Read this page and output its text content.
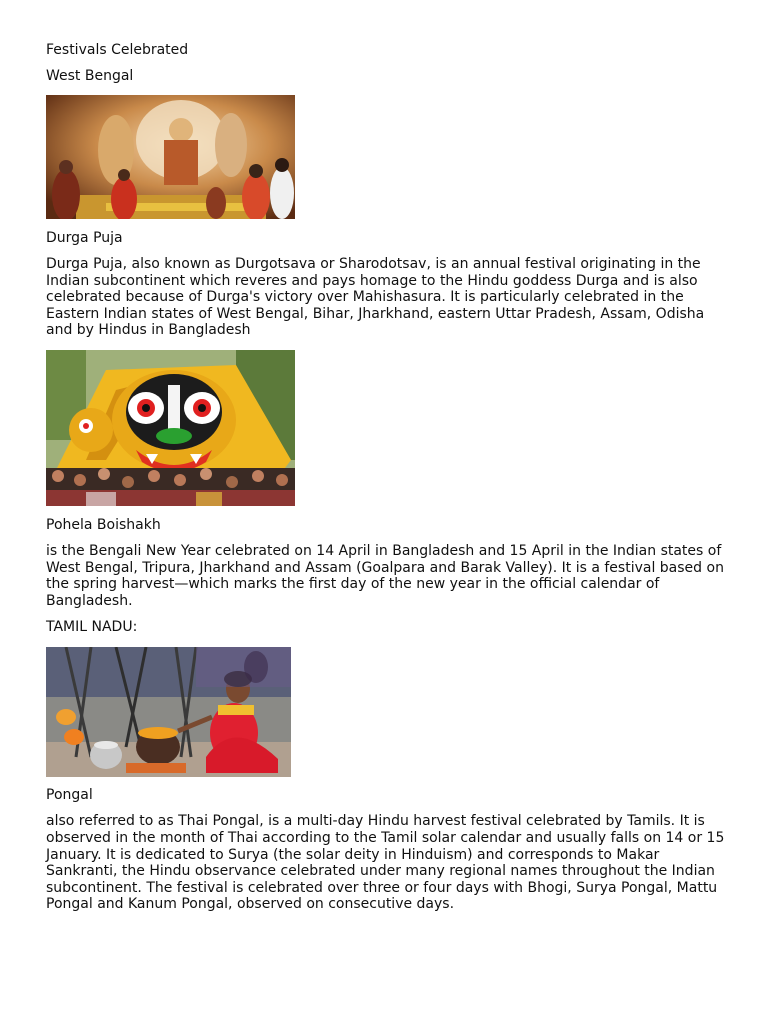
Festivals Celebrated

West Bengal

Durga Puja

Durga Puja, also known as Durgotsava or Sharodotsav, is an annual festival originating in the Indian subcontinent which reveres and pays homage to the Hindu goddess Durga and is also celebrated because of Durga's victory over Mahishasura. It is particularly celebrated in the Eastern Indian states of West Bengal, Bihar, Jharkhand, eastern Uttar Pradesh, Assam, Odisha and by Hindus in Bangladesh

Pohela Boishakh

is the Bengali New Year celebrated on 14 April in Bangladesh and 15 April in the Indian states of West Bengal, Tripura, Jharkhand and Assam (Goalpara and Barak Valley). It is a festival based on the spring harvest—which marks the first day of the new year in the official calendar of Bangladesh.

TAMIL NADU:

Pongal

also referred to as Thai Pongal, is a multi-day Hindu harvest festival celebrated by Tamils. It is observed in the month of Thai according to the Tamil solar calendar and usually falls on 14 or 15 January. It is dedicated to Surya (the solar deity in Hinduism) and corresponds to Makar Sankranti, the Hindu observance celebrated under many regional names throughout the Indian subcontinent. The festival is celebrated over three or four days with Bhogi, Surya Pongal, Mattu Pongal and Kanum Pongal, observed on consecutive days.
